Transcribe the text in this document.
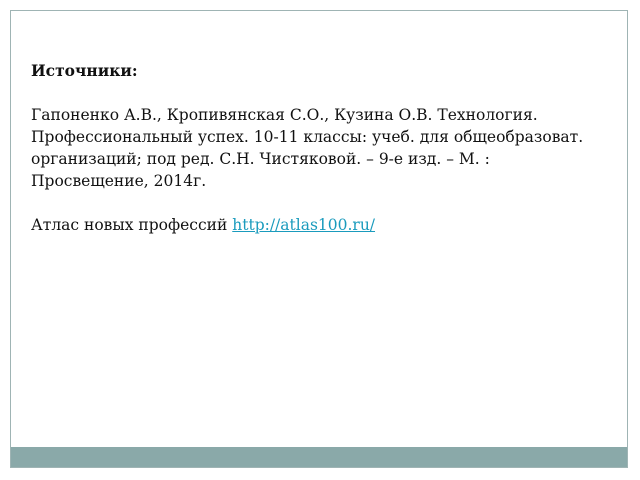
Источники:

Гапоненко А.В., Кропивянская С.О., Кузина О.В. Технология. Профессиональный успех. 10-11 классы: учеб. для общеобразоват. организаций; под ред. С.Н. Чистяковой. – 9-е изд. – М. : Просвещение, 2014г.

Атлас новых профессий http://atlas100.ru/
